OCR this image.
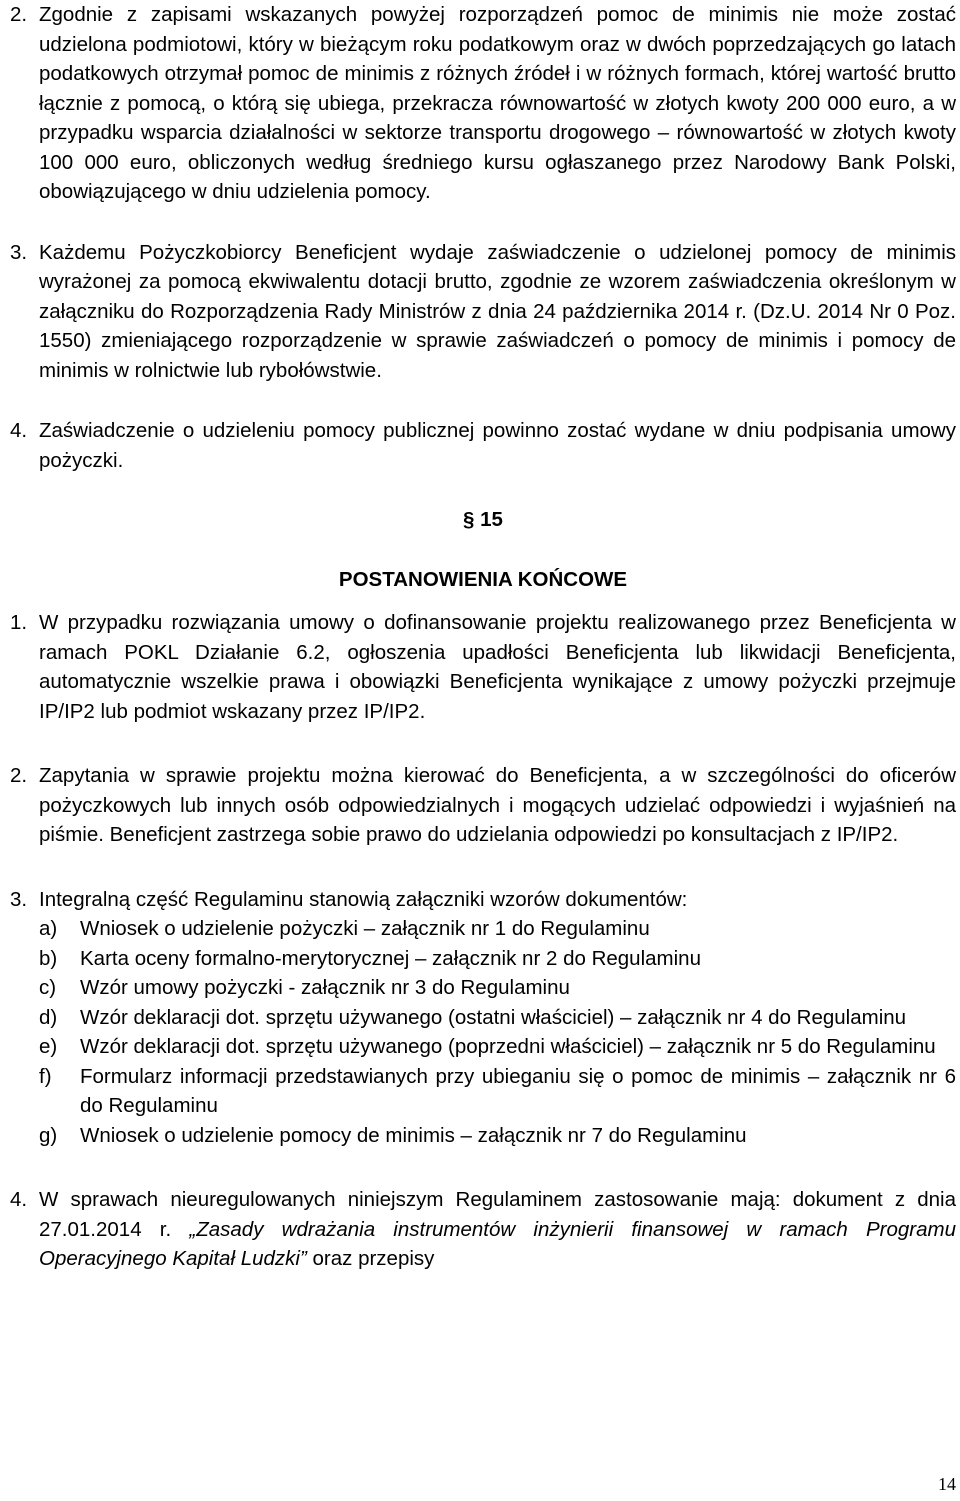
2. Zgodnie z zapisami wskazanych powyżej rozporządzeń pomoc de minimis nie może zostać udzielona podmiotowi, który w bieżącym roku podatkowym oraz w dwóch poprzedzających go latach podatkowych otrzymał pomoc de minimis z różnych źródeł i w różnych formach, której wartość brutto łącznie z pomocą, o którą się ubiega, przekracza równowartość w złotych kwoty 200 000 euro, a w przypadku wsparcia działalności w sektorze transportu drogowego – równowartość w złotych kwoty 100 000 euro, obliczonych według średniego kursu ogłaszanego przez Narodowy Bank Polski, obowiązującego w dniu udzielenia pomocy.
3. Każdemu Pożyczkobiorcy Beneficjent wydaje zaświadczenie o udzielonej pomocy de minimis wyrażonej za pomocą ekwiwalentu dotacji brutto, zgodnie ze wzorem zaświadczenia określonym w załączniku do Rozporządzenia Rady Ministrów z dnia 24 października 2014 r. (Dz.U. 2014 Nr 0 Poz. 1550) zmieniającego rozporządzenie w sprawie zaświadczeń o pomocy de minimis i pomocy de minimis w rolnictwie lub rybołówstwie.
4. Zaświadczenie o udzieleniu pomocy publicznej powinno zostać wydane w dniu podpisania umowy pożyczki.
§ 15
POSTANOWIENIA KOŃCOWE
1. W przypadku rozwiązania umowy o dofinansowanie projektu realizowanego przez Beneficjenta w ramach POKL Działanie 6.2, ogłoszenia upadłości Beneficjenta lub likwidacji Beneficjenta, automatycznie wszelkie prawa i obowiązki Beneficjenta wynikające z umowy pożyczki przejmuje IP/IP2 lub podmiot wskazany przez IP/IP2.
2. Zapytania w sprawie projektu można kierować do Beneficjenta, a w szczególności do oficerów pożyczkowych lub innych osób odpowiedzialnych i mogących udzielać odpowiedzi i wyjaśnień na piśmie. Beneficjent zastrzega sobie prawo do udzielania odpowiedzi po konsultacjach z IP/IP2.
3. Integralną część Regulaminu stanowią załączniki wzorów dokumentów:
a)	Wniosek o udzielenie pożyczki – załącznik nr 1 do Regulaminu
b)	Karta oceny formalno-merytorycznej – załącznik nr 2 do Regulaminu
c)	Wzór umowy pożyczki - załącznik nr 3 do Regulaminu
d)	Wzór deklaracji dot. sprzętu używanego (ostatni właściciel) – załącznik nr 4 do Regulaminu
e)	Wzór deklaracji dot. sprzętu używanego (poprzedni właściciel) – załącznik nr 5 do Regulaminu
f)	Formularz informacji przedstawianych przy ubieganiu się o pomoc de minimis – załącznik nr 6 do Regulaminu
g)	Wniosek o udzielenie pomocy de minimis – załącznik nr 7 do Regulaminu
4. W sprawach nieuregulowanych niniejszym Regulaminem zastosowanie mają: dokument z dnia 27.01.2014 r. „Zasady wdrażania instrumentów inżynierii finansowej w ramach Programu Operacyjnego Kapitał Ludzki” oraz przepisy
14
